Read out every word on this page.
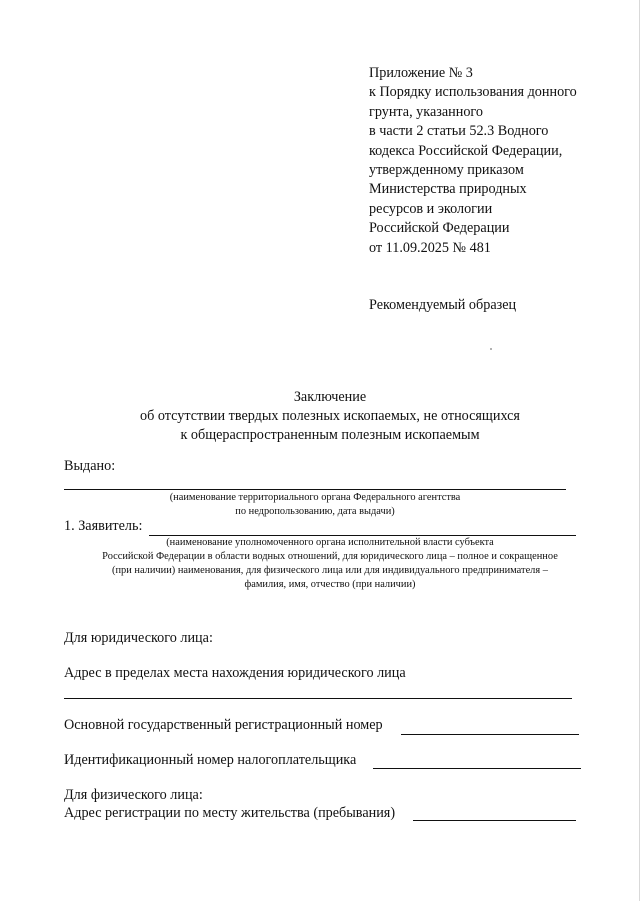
Приложение № 3
к Порядку использования донного
грунта, указанного
в части 2 статьи 52.3 Водного
кодекса Российской Федерации,
утвержденному приказом
Министерства природных
ресурсов и экологии
Российской Федерации
от 11.09.2025 № 481
Рекомендуемый образец
Заключение
об отсутствии твердых полезных ископаемых, не относящихся
к общераспространенным полезным ископаемым
Выдано:
(наименование территориального органа Федерального агентства
по недропользованию, дата выдачи)
1. Заявитель:
(наименование уполномоченного органа исполнительной власти субъекта
Российской Федерации в области водных отношений, для юридического лица – полное и сокращенное
(при наличии) наименования, для физического лица или для индивидуального предпринимателя –
фамилия, имя, отчество (при наличии)
Для юридического лица:
Адрес в пределах места нахождения юридического лица
Основной государственный регистрационный номер
Идентификационный номер налогоплательщика
Для физического лица:
Адрес регистрации по месту жительства (пребывания)
